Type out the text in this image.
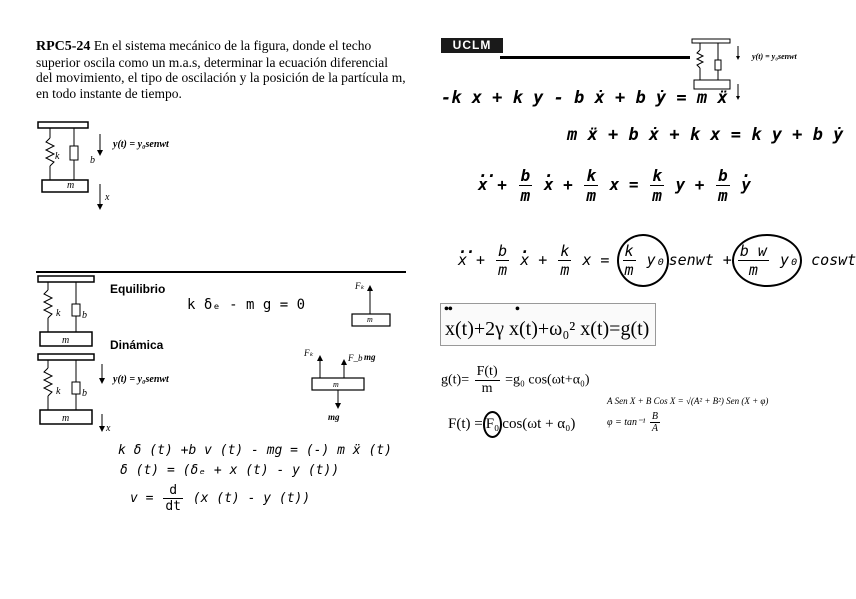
RPC5-24 En el sistema mecánico de la figura, donde el techo superior oscila como un m.a.s, determinar la ecuación diferencial del movimiento, el tipo de oscilación y la posición de la partícula m, en todo instante de tiempo.
k	b
m
x
y(t) = y₀senwt
k b
m
k b
m
x
y(t) = y₀senwt
Equilibrio
k δₑ - m g = 0
Dinámica
Fₖ
m
Fₖ	F_b mg
m
mg
k δ (t) +b v (t) - mg = (-) m ẍ (t)
δ (t) = (δₑ + x (t) - y (t))
$v = \frac{d}{dt} (x$ (t) - y (t))
UCLM
y(t) = y₀senwt
-k x + k y - b ẋ + b ẏ = m ẍ
m ẍ + b ẋ + k x = k y + b ẏ
·· $x + \frac{b}{m}$
· $x + \frac{k}{m}$ $x = \frac{k}{m}$ $y + \frac{b}{m}$
· y
·· $x + \frac{b}{m}$
· $x + \frac{k}{m}$ $x = \frac{k}{m} y_0$ senwt + $\frac{\text{b w}}{m} y_0$ coswt
x(t)+2γ x(t)+ω₀² x(t)=g(t)
••	•
$g(t)= \frac{F(t)}{m} =g_0$ cos(ωt+α₀)
F(t) = F₀ cos(ωt + α₀)
A Sen X + B Cos X = √(A² + B²) Sen (X + φ)
$\varphi = \tan^{-1} \frac{B}{A}$
